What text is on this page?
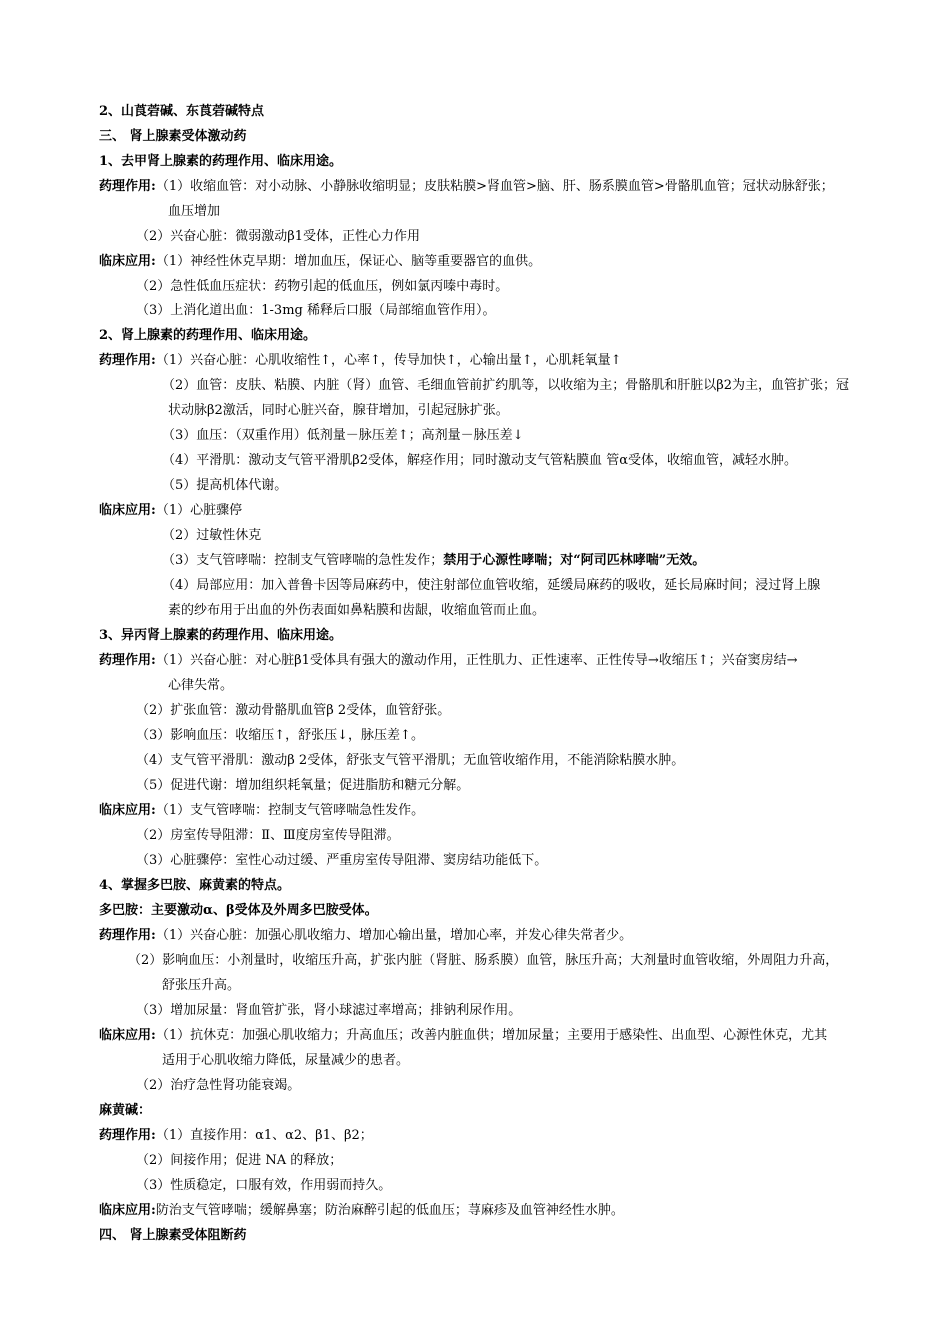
2、山莨菪碱、东莨菪碱特点
三、 肾上腺素受体激动药
1、去甲肾上腺素的药理作用、临床用途。
药理作用:（1）收缩血管：对小动脉、小静脉收缩明显；皮肤粘膜>肾血管>脑、肝、肠系膜血管>骨骼肌血管；冠状动脉舒张；
血压增加
（2）兴奋心脏：微弱激动β1受体，正性心力作用
临床应用:（1）神经性休克早期：增加血压，保证心、脑等重要器官的血供。
（2）急性低血压症状：药物引起的低血压，例如氯丙嗪中毒时。
（3）上消化道出血：1-3mg 稀释后口服（局部缩血管作用）。
2、肾上腺素的药理作用、临床用途。
药理作用:（1）兴奋心脏：心肌收缩性↑，心率↑，传导加快↑，心输出量↑，心肌耗氧量↑
（2）血管：皮肤、粘膜、内脏（肾）血管、毛细血管前扩约肌等，以收缩为主；骨骼肌和肝脏以β2为主，血管扩张；冠
状动脉β2激活，同时心脏兴奋，腺苷增加，引起冠脉扩张。
（3）血压：（双重作用）低剂量－脉压差↑；高剂量－脉压差↓
（4）平滑肌：激动支气管平滑肌β2受体，解痉作用；同时激动支气管粘膜血 管α受体，收缩血管，减轻水肿。
（5）提高机体代谢。
临床应用:（1）心脏骤停
（2）过敏性休克
（3）支气管哮喘：控制支气管哮喘的急性发作；禁用于心源性哮喘；对“阿司匹林哮喘”无效。
（4）局部应用：加入普鲁卡因等局麻药中，使注射部位血管收缩，延缓局麻药的吸收，延长局麻时间；浸过肾上腺
素的纱布用于出血的外伤表面如鼻粘膜和齿龈，收缩血管而止血。
3、异丙肾上腺素的药理作用、临床用途。
药理作用:（1）兴奋心脏：对心脏β1受体具有强大的激动作用，正性肌力、正性速率、正性传导→收缩压↑；兴奋窦房结→
心律失常。
（2）扩张血管：激动骨骼肌血管β 2受体，血管舒张。
（3）影响血压：收缩压↑，舒张压↓，脉压差↑。
（4）支气管平滑肌：激动β 2受体，舒张支气管平滑肌；无血管收缩作用，不能消除粘膜水肿。
（5）促进代谢：增加组织耗氧量；促进脂肪和糖元分解。
临床应用:（1）支气管哮喘：控制支气管哮喘急性发作。
（2）房室传导阻滞：Ⅱ、Ⅲ度房室传导阻滞。
（3）心脏骤停：室性心动过缓、严重房室传导阻滞、窦房结功能低下。
4、掌握多巴胺、麻黄素的特点。
多巴胺：主要激动α、β受体及外周多巴胺受体。
药理作用:（1）兴奋心脏：加强心肌收缩力、增加心输出量，增加心率，并发心律失常者少。
（2）影响血压：小剂量时，收缩压升高，扩张内脏（肾脏、肠系膜）血管，脉压升高；大剂量时血管收缩，外周阻力升高，
舒张压升高。
（3）增加尿量：肾血管扩张，肾小球滤过率增高；排钠利尿作用。
临床应用:（1）抗休克：加强心肌收缩力；升高血压；改善内脏血供；增加尿量；主要用于感染性、出血型、心源性休克，尤其
适用于心肌收缩力降低，尿量减少的患者。
（2）治疗急性肾功能衰竭。
麻黄碱：
药理作用:（1）直接作用：α1、α2、β1、β2；
（2）间接作用；促进 NA 的释放；
（3）性质稳定，口服有效，作用弱而持久。
临床应用:防治支气管哮喘；缓解鼻塞；防治麻醉引起的低血压；荨麻疹及血管神经性水肿。
四、 肾上腺素受体阻断药
